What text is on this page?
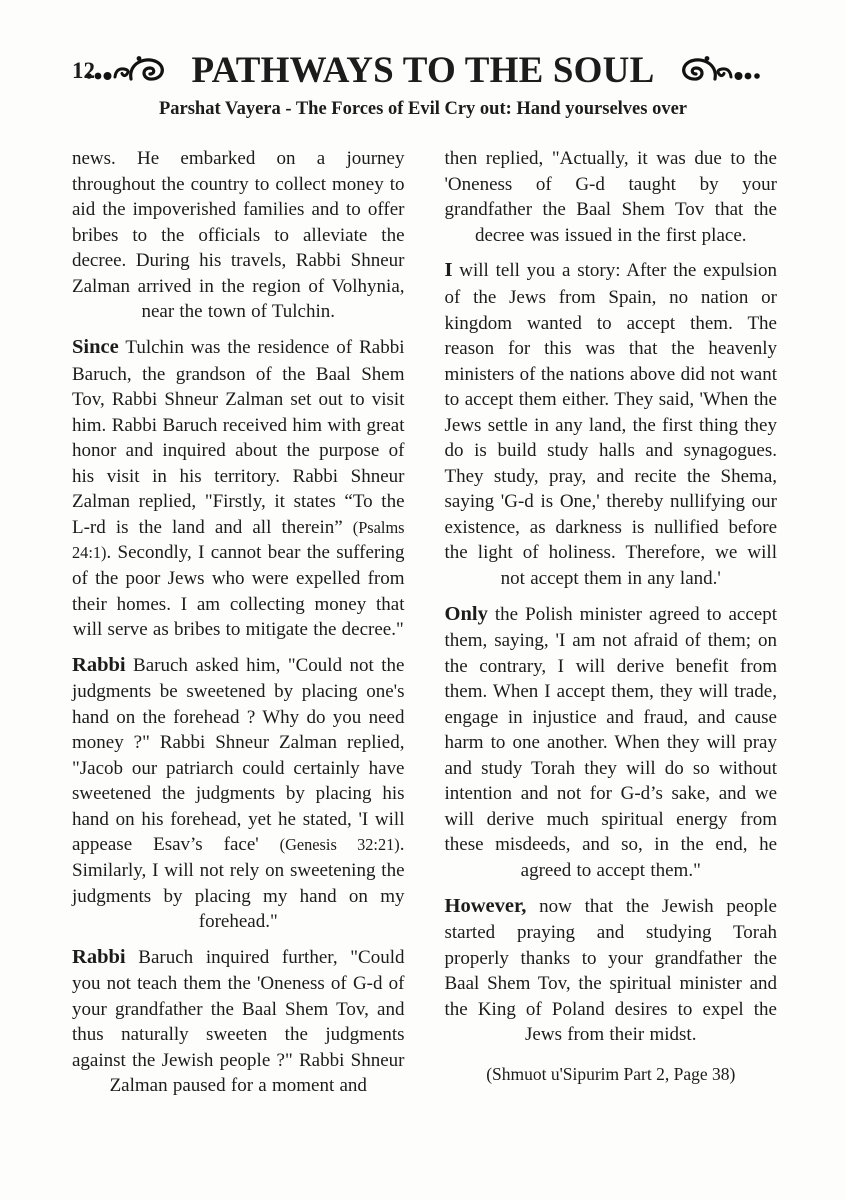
12	PATHWAYS TO THE SOUL
Parshat Vayera - The Forces of Evil Cry out: Hand yourselves over

news. He embarked on a journey throughout the country to collect money to aid the impoverished families and to offer bribes to the officials to alleviate the decree. During his travels, Rabbi Shneur Zalman arrived in the region of Volhynia, near the town of Tulchin.

Since Tulchin was the residence of Rabbi Baruch, the grandson of the Baal Shem Tov, Rabbi Shneur Zalman set out to visit him. Rabbi Baruch received him with great honor and inquired about the purpose of his visit in his territory. Rabbi Shneur Zalman replied, "Firstly, it states “To the L-rd is the land and all therein” (Psalms 24:1). Secondly, I cannot bear the suffering of the poor Jews who were expelled from their homes. I am collecting money that will serve as bribes to mitigate the decree."

Rabbi Baruch asked him, "Could not the judgments be sweetened by placing one's hand on the forehead ? Why do you need money ?" Rabbi Shneur Zalman replied, "Jacob our patriarch could certainly have sweetened the judgments by placing his hand on his forehead, yet he stated, 'I will appease Esav’s face' (Genesis 32:21). Similarly, I will not rely on sweetening the judgments by placing my hand on my forehead."

Rabbi Baruch inquired further, "Could you not teach them the 'Oneness of G-d of your grandfather the Baal Shem Tov, and thus naturally sweeten the judgments against the Jewish people ?" Rabbi Shneur Zalman paused for a moment and

then replied, "Actually, it was due to the 'Oneness of G-d taught by your grandfather the Baal Shem Tov that the decree was issued in the first place.

I will tell you a story: After the expulsion of the Jews from Spain, no nation or kingdom wanted to accept them. The reason for this was that the heavenly ministers of the nations above did not want to accept them either. They said, 'When the Jews settle in any land, the first thing they do is build study halls and synagogues. They study, pray, and recite the Shema, saying 'G-d is One,' thereby nullifying our existence, as darkness is nullified before the light of holiness. Therefore, we will not accept them in any land.'

Only the Polish minister agreed to accept them, saying, 'I am not afraid of them; on the contrary, I will derive benefit from them. When I accept them, they will trade, engage in injustice and fraud, and cause harm to one another. When they will pray and study Torah they will do so without intention and not for G-d’s sake, and we will derive much spiritual energy from these misdeeds, and so, in the end, he agreed to accept them."

However, now that the Jewish people started praying and studying Torah properly thanks to your grandfather the Baal Shem Tov, the spiritual minister and the King of Poland desires to expel the Jews from their midst.

(Shmuot u'Sipurim Part 2, Page 38)
